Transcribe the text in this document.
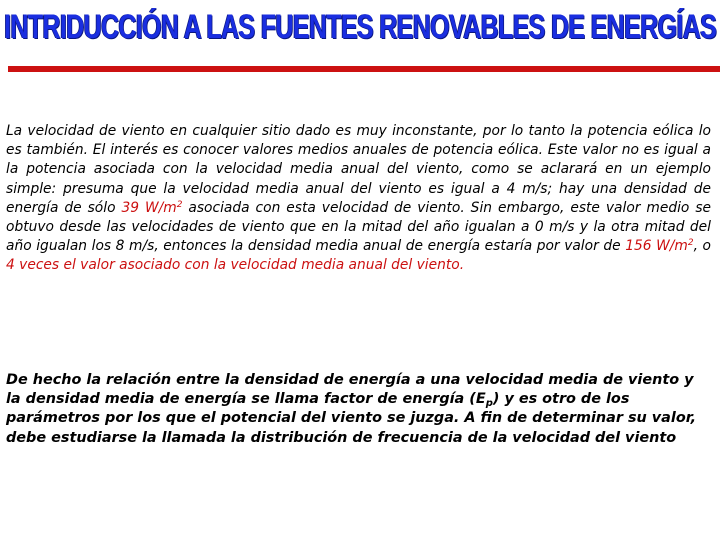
INTRIDUCCIÓN A LAS FUENTES RENOVABLES DE ENERGÍAS

La velocidad de viento en cualquier sitio dado es muy inconstante, por lo tanto la potencia eólica lo es también. El interés es conocer valores medios anuales de potencia eólica. Este valor no es igual a la potencia asociada con la velocidad media anual del viento, como se aclarará en un ejemplo simple: presuma que la velocidad media anual del viento es igual a 4 m/s; hay una densidad de energía de sólo 39 $W/m^2$ asociada con esta velocidad de viento. Sin embargo, este valor medio se obtuvo desde las velocidades de viento que en la mitad del año igualan a 0 m/s y la otra mitad del año igualan los 8 m/s, entonces la densidad media anual de energía estaría por valor de 156 $W/m^2$, o 4 veces el valor asociado con la velocidad media anual del viento.

De hecho la relación entre la densidad de energía a una velocidad media de viento y la densidad media de energía se llama factor de energía $(E_p)$ y es otro de los parámetros por los que el potencial del viento se juzga. A fin de determinar su valor, debe estudiarse la llamada la distribución de frecuencia de la velocidad del viento
